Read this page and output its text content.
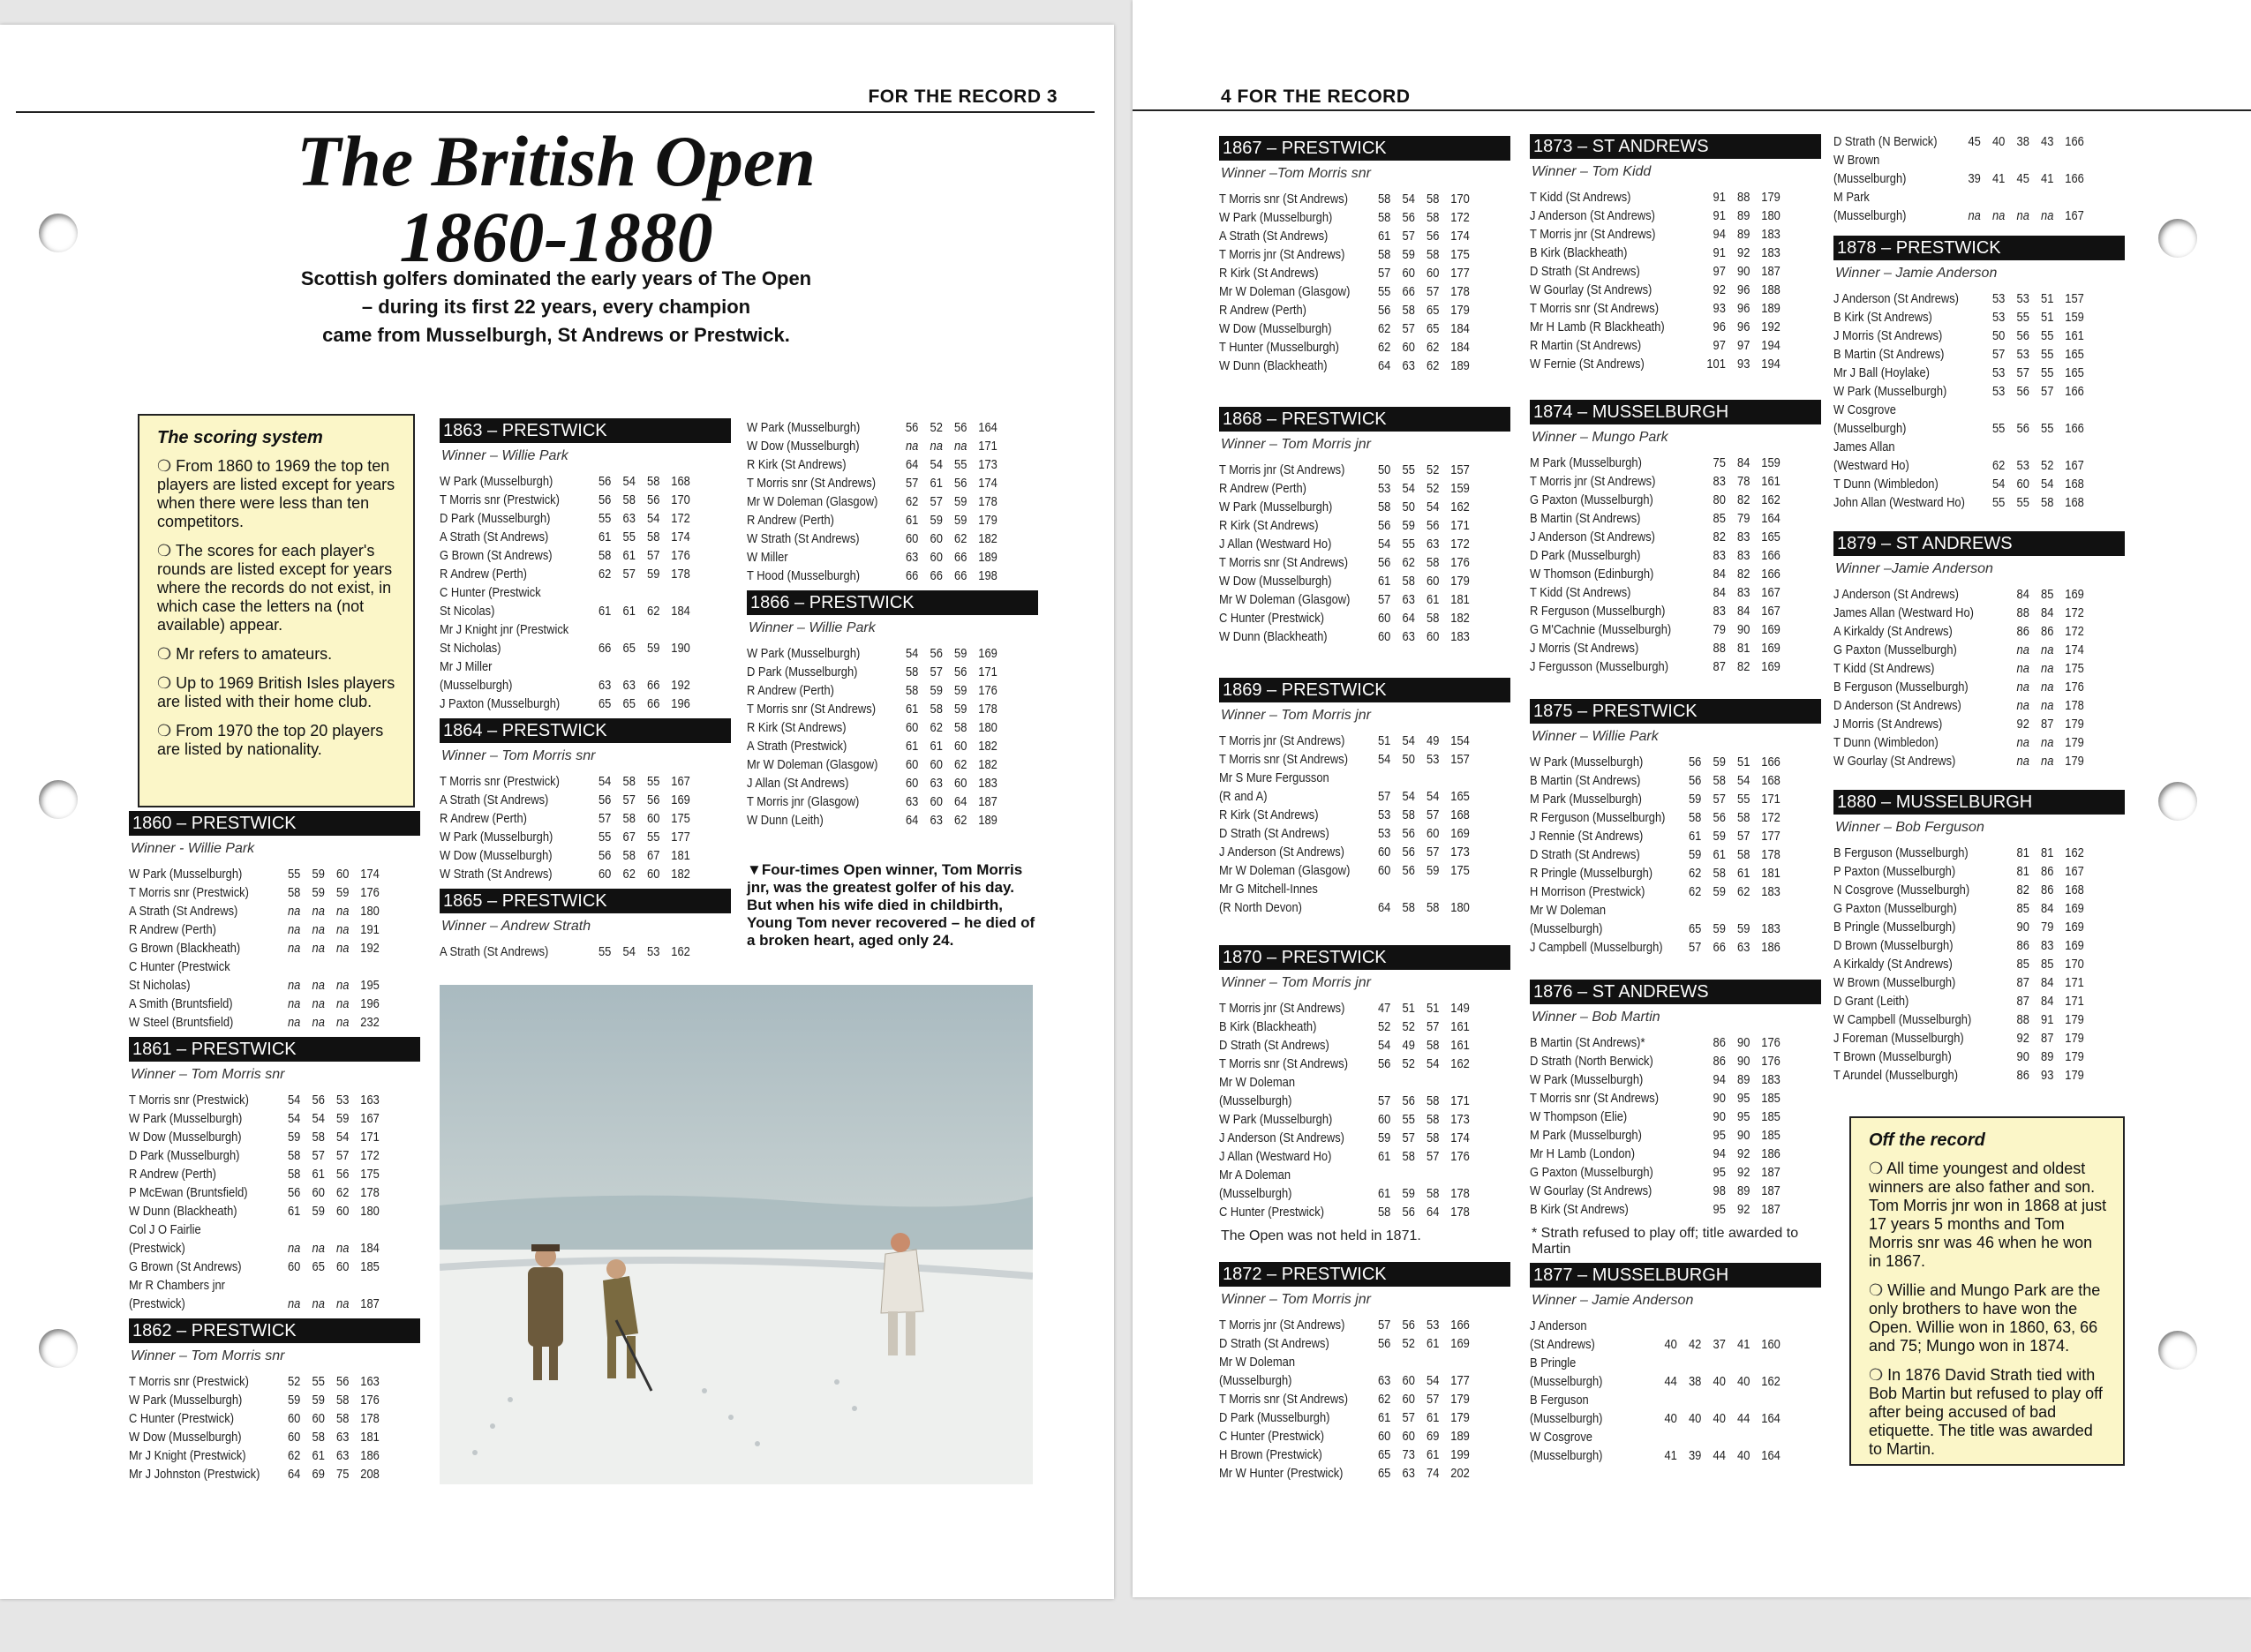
FOR THE RECORD 3
The British Open
1860-1880
Scottish golfers dominated the early years of The Open
– during its first 22 years, every champion
came from Musselburgh, St Andrews or Prestwick.
The scoring system

❍ From 1860 to 1969 the top ten players are listed except for years when there were less than ten competitors.

❍ The scores for each player's rounds are listed except for years where the records do not exist, in which case the letters na (not available) appear.

❍ Mr refers to amateurs.

❍ Up to 1969 British Isles players are listed with their home club.

❍ From 1970 the top 20 players are listed by nationality.

1860 – PRESTWICK
Winner - Willie Park
W Park (Musselburgh)	55 59 60 174
T Morris snr (Prestwick)	58 59 59 176
A Strath (St Andrews)	na na na 180
R Andrew (Perth)	na na na 191
G Brown (Blackheath)	na na na 192
C Hunter (Prestwick
St Nicholas)	na na na 195
A Smith (Bruntsfield)	na na na 196
W Steel (Bruntsfield)	na na na 232
1861 – PRESTWICK
Winner – Tom Morris snr
T Morris snr (Prestwick)	54 56 53 163
W Park (Musselburgh)	54 54 59 167
W Dow (Musselburgh)	59 58 54 171
D Park (Musselburgh)	58 57 57 172
R Andrew (Perth)	58 61 56 175
P McEwan (Bruntsfield)	56 60 62 178
W Dunn (Blackheath)	61 59 60 180
Col J O Fairlie
(Prestwick)	na na na 184
G Brown (St Andrews)	60 65 60 185
Mr R Chambers jnr
(Prestwick)	na na na 187
1862 – PRESTWICK
Winner – Tom Morris snr
T Morris snr (Prestwick)	52 55 56 163
W Park (Musselburgh)	59 59 58 176
C Hunter (Prestwick)	60 60 58 178
W Dow (Musselburgh)	60 58 63 181
Mr J Knight (Prestwick)	62 61 63 186
Mr J Johnston (Prestwick)	64 69 75 208
1863 – PRESTWICK
Winner – Willie Park
W Park (Musselburgh)	56 54 58 168
T Morris snr (Prestwick)	56 58 56 170
D Park (Musselburgh)	55 63 54 172
A Strath (St Andrews)	61 55 58 174
G Brown (St Andrews)	58 61 57 176
R Andrew (Perth)	62 57 59 178
C Hunter (Prestwick
St Nicolas)	61 61 62 184
Mr J Knight jnr (Prestwick
St Nicholas)	66 65 59 190
Mr J Miller
(Musselburgh)	63 63 66 192
J Paxton (Musselburgh)	65 65 66 196
1864 – PRESTWICK
Winner – Tom Morris snr
T Morris snr (Prestwick)	54 58 55 167
A Strath (St Andrews)	56 57 56 169
R Andrew (Perth)	57 58 60 175
W Park (Musselburgh)	55 67 55 177
W Dow (Musselburgh)	56 58 67 181
W Strath (St Andrews)	60 62 60 182
1865 – PRESTWICK
Winner – Andrew Strath
A Strath (St Andrews)	55 54 53 162
W Park (Musselburgh)	56 52 56 164
W Dow (Musselburgh)	na na na 171
R Kirk (St Andrews)	64 54 55 173
T Morris snr (St Andrews)	57 61 56 174
Mr W Doleman (Glasgow)	62 57 59 178
R Andrew (Perth)	61 59 59 179
W Strath (St Andrews)	60 60 62 182
W Miller	63 60 66 189
T Hood (Musselburgh)	66 66 66 198
1866 – PRESTWICK
Winner – Willie Park
W Park (Musselburgh)	54 56 59 169
D Park (Musselburgh)	58 57 56 171
R Andrew (Perth)	58 59 59 176
T Morris snr (St Andrews)	61 58 59 178
R Kirk (St Andrews)	60 62 58 180
A Strath (Prestwick)	61 61 60 182
Mr W Doleman (Glasgow)	60 60 62 182
J Allan (St Andrews)	60 63 60 183
T Morris jnr (Glasgow)	63 60 64 187
W Dunn (Leith)	64 63 62 189
▼Four-times Open winner, Tom Morris jnr, was the greatest golfer of his day. But when his wife died in childbirth, Young Tom never recovered – he died of a broken heart, aged only 24.
4 FOR THE RECORD
1867 – PRESTWICK
Winner –Tom Morris snr
T Morris snr (St Andrews)	58 54 58 170
W Park (Musselburgh)	58 56 58 172
A Strath (St Andrews)	61 57 56 174
T Morris jnr (St Andrews)	58 59 58 175
R Kirk (St Andrews)	57 60 60 177
Mr W Doleman (Glasgow)	55 66 57 178
R Andrew (Perth)	56 58 65 179
W Dow (Musselburgh)	62 57 65 184
T Hunter (Musselburgh)	62 60 62 184
W Dunn (Blackheath)	64 63 62 189
1868 – PRESTWICK
Winner – Tom Morris jnr
T Morris jnr (St Andrews)	50 55 52 157
R Andrew (Perth)	53 54 52 159
W Park (Musselburgh)	58 50 54 162
R Kirk (St Andrews)	56 59 56 171
J Allan (Westward Ho)	54 55 63 172
T Morris snr (St Andrews)	56 62 58 176
W Dow (Musselburgh)	61 58 60 179
Mr W Doleman (Glasgow)	57 63 61 181
C Hunter (Prestwick)	60 64 58 182
W Dunn (Blackheath)	60 63 60 183
1869 – PRESTWICK
Winner – Tom Morris jnr
T Morris jnr (St Andrews)	51 54 49 154
T Morris snr (St Andrews)	54 50 53 157
Mr S Mure Fergusson
(R and A)	57 54 54 165
R Kirk (St Andrews)	53 58 57 168
D Strath (St Andrews)	53 56 60 169
J Anderson (St Andrews)	60 56 57 173
Mr W Doleman (Glasgow)	60 56 59 175
Mr G Mitchell-Innes
(R North Devon)	64 58 58 180
1870 – PRESTWICK
Winner – Tom Morris jnr
T Morris jnr (St Andrews)	47 51 51 149
B Kirk (Blackheath)	52 52 57 161
D Strath (St Andrews)	54 49 58 161
T Morris snr (St Andrews)	56 52 54 162
Mr W Doleman
(Musselburgh)	57 56 58 171
W Park (Musselburgh)	60 55 58 173
J Anderson (St Andrews)	59 57 58 174
J Allan (Westward Ho)	61 58 57 176
Mr A Doleman
(Musselburgh)	61 59 58 178
C Hunter (Prestwick)	58 56 64 178
The Open was not held in 1871.
1872 – PRESTWICK
Winner – Tom Morris jnr
T Morris jnr (St Andrews)	57 56 53 166
D Strath (St Andrews)	56 52 61 169
Mr W Doleman
(Musselburgh)	63 60 54 177
T Morris snr (St Andrews)	62 60 57 179
D Park (Musselburgh)	61 57 61 179
C Hunter (Prestwick)	60 60 69 189
H Brown (Prestwick)	65 73 61 199
Mr W Hunter (Prestwick)	65 63 74 202
1873 – ST ANDREWS
Winner – Tom Kidd
T Kidd (St Andrews)	91 88 179
J Anderson (St Andrews)	91 89 180
T Morris jnr (St Andrews)	94 89 183
B Kirk (Blackheath)	91 92 183
D Strath (St Andrews)	97 90 187
W Gourlay (St Andrews)	92 96 188
T Morris snr (St Andrews)	93 96 189
Mr H Lamb (R Blackheath)	96 96 192
R Martin (St Andrews)	97 97 194
W Fernie (St Andrews)	101 93 194
1874 – MUSSELBURGH
Winner – Mungo Park
M Park (Musselburgh)	75 84 159
T Morris jnr (St Andrews)	83 78 161
G Paxton (Musselburgh)	80 82 162
B Martin (St Andrews)	85 79 164
J Anderson (St Andrews)	82 83 165
D Park (Musselburgh)	83 83 166
W Thomson (Edinburgh)	84 82 166
T Kidd (St Andrews)	84 83 167
R Ferguson (Musselburgh)	83 84 167
G M'Cachnie (Musselburgh)	79 90 169
J Morris (St Andrews)	88 81 169
J Fergusson (Musselburgh)	87 82 169
1875 – PRESTWICK
Winner – Willie Park
W Park (Musselburgh)	56 59 51 166
B Martin (St Andrews)	56 58 54 168
M Park (Musselburgh)	59 57 55 171
R Ferguson (Musselburgh)	58 56 58 172
J Rennie (St Andrews)	61 59 57 177
D Strath (St Andrews)	59 61 58 178
R Pringle (Musselburgh)	62 58 61 181
H Morrison (Prestwick)	62 59 62 183
Mr W Doleman
(Musselburgh)	65 59 59 183
J Campbell (Musselburgh)	57 66 63 186
1876 – ST ANDREWS
Winner – Bob Martin
B Martin (St Andrews)*	86 90 176
D Strath (North Berwick)	86 90 176
W Park (Musselburgh)	94 89 183
T Morris snr (St Andrews)	90 95 185
W Thompson (Elie)	90 95 185
M Park (Musselburgh)	95 90 185
Mr H Lamb (London)	94 92 186
G Paxton (Musselburgh)	95 92 187
W Gourlay (St Andrews)	98 89 187
B Kirk (St Andrews)	95 92 187
* Strath refused to play off; title awarded to Martin
1877 – MUSSELBURGH
Winner – Jamie Anderson
J Anderson
(St Andrews)	40 42 37 41 160
B Pringle
(Musselburgh)	44 38 40 40 162
B Ferguson
(Musselburgh)	40 40 40 44 164
W Cosgrove
(Musselburgh)	41 39 44 40 164
D Strath (N Berwick)	45 40 38 43 166
W Brown
(Musselburgh)	39 41 45 41 166
M Park
(Musselburgh)	na na na na 167
1878 – PRESTWICK
Winner – Jamie Anderson
J Anderson (St Andrews)	53 53 51 157
B Kirk (St Andrews)	53 55 51 159
J Morris (St Andrews)	50 56 55 161
B Martin (St Andrews)	57 53 55 165
Mr J Ball (Hoylake)	53 57 55 165
W Park (Musselburgh)	53 56 57 166
W Cosgrove
(Musselburgh)	55 56 55 166
James Allan
(Westward Ho)	62 53 52 167
T Dunn (Wimbledon)	54 60 54 168
John Allan (Westward Ho)	55 55 58 168
1879 – ST ANDREWS
Winner –Jamie Anderson
J Anderson (St Andrews)	84 85 169
James Allan (Westward Ho)	88 84 172
A Kirkaldy (St Andrews)	86 86 172
G Paxton (Musselburgh)	na na 174
T Kidd (St Andrews)	na na 175
B Ferguson (Musselburgh)	na na 176
D Anderson (St Andrews)	na na 178
J Morris (St Andrews)	92 87 179
T Dunn (Wimbledon)	na na 179
W Gourlay (St Andrews)	na na 179
1880 – MUSSELBURGH
Winner – Bob Ferguson
B Ferguson (Musselburgh)	81 81 162
P Paxton (Musselburgh)	81 86 167
N Cosgrove (Musselburgh)	82 86 168
G Paxton (Musselburgh)	85 84 169
B Pringle (Musselburgh)	90 79 169
D Brown (Musselburgh)	86 83 169
A Kirkaldy (St Andrews)	85 85 170
W Brown (Musselburgh)	87 84 171
D Grant (Leith)	87 84 171
W Campbell (Musselburgh)	88 91 179
J Foreman (Musselburgh)	92 87 179
T Brown (Musselburgh)	90 89 179
T Arundel (Musselburgh)	86 93 179
Off the record

❍ All time youngest and oldest winners are also father and son. Tom Morris jnr won in 1868 at just 17 years 5 months and Tom Morris snr was 46 when he won in 1867.

❍ Willie and Mungo Park are the only brothers to have won the Open. Willie won in 1860, 63, 66 and 75; Mungo won in 1874.

❍ In 1876 David Strath tied with Bob Martin but refused to play off after being accused of bad etiquette. The title was awarded to Martin.
